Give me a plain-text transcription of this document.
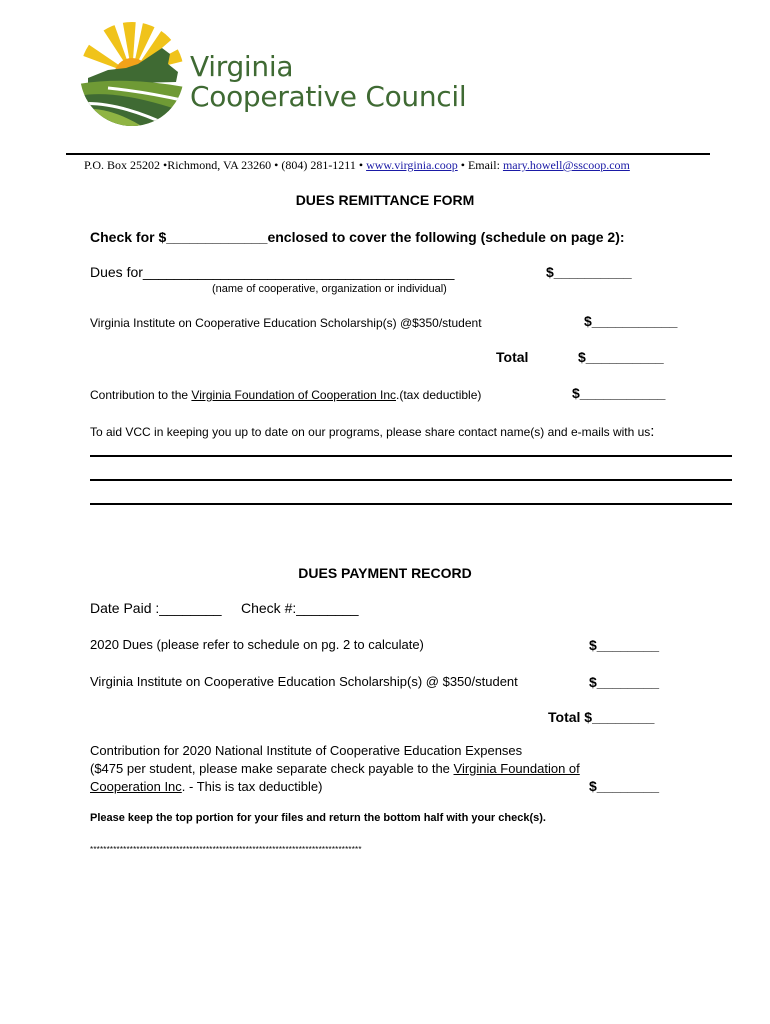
Virginia
Cooperative Council
P.O. Box 25202 •Richmond, VA 23260 • (804) 281-1211 • www.virginia.coop • Email: mary.howell@sscoop.com
DUES REMITTANCE FORM
Check for $_____________enclosed to cover the following (schedule on page 2):
Dues for________________________________________	$__________
(name of cooperative, organization or individual)
Virginia Institute on Cooperative Education Scholarship(s) @$350/student	$___________
Total	$__________
Contribution to the Virginia Foundation of Cooperation Inc.(tax deductible)	$___________
To aid VCC in keeping you up to date on our programs, please share contact name(s) and e-mails with us:
DUES PAYMENT RECORD
Date Paid :________ Check #:________
2020 Dues (please refer to schedule on pg. 2 to calculate)	$________
Virginia Institute on Cooperative Education Scholarship(s) @ $350/student	$________
Total $________
Contribution for 2020 National Institute of Cooperative Education Expenses
($475 per student, please make separate check payable to the Virginia Foundation of
Cooperation Inc. - This is tax deductible)	$________
Please keep the top portion for your files and return the bottom half with your check(s).
**********************************************************************************
